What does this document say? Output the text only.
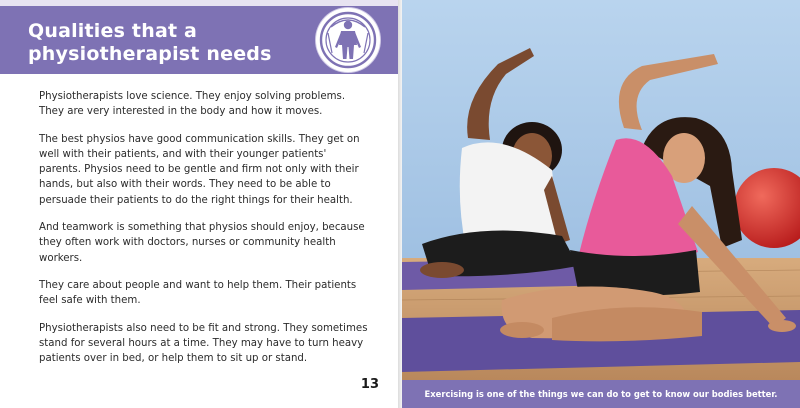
Qualities that a
physiotherapist needs

Physiotherapists love science. They enjoy solving problems. They are very interested in the body and how it moves.

The best physios have good communication skills. They get on well with their patients, and with their younger patients' parents. Physios need to be gentle and firm not only with their hands, but also with their words. They need to be able to persuade their patients to do the right things for their health.

And teamwork is something that physios should enjoy, because they often work with doctors, nurses or community health workers.

They care about people and want to help them. Their patients feel safe with them.

Physiotherapists also need to be fit and strong. They sometimes stand for several hours at a time. They may have to turn heavy patients over in bed, or help them to sit up or stand.

13
Exercising is one of the things we can do to get to know our bodies better.
